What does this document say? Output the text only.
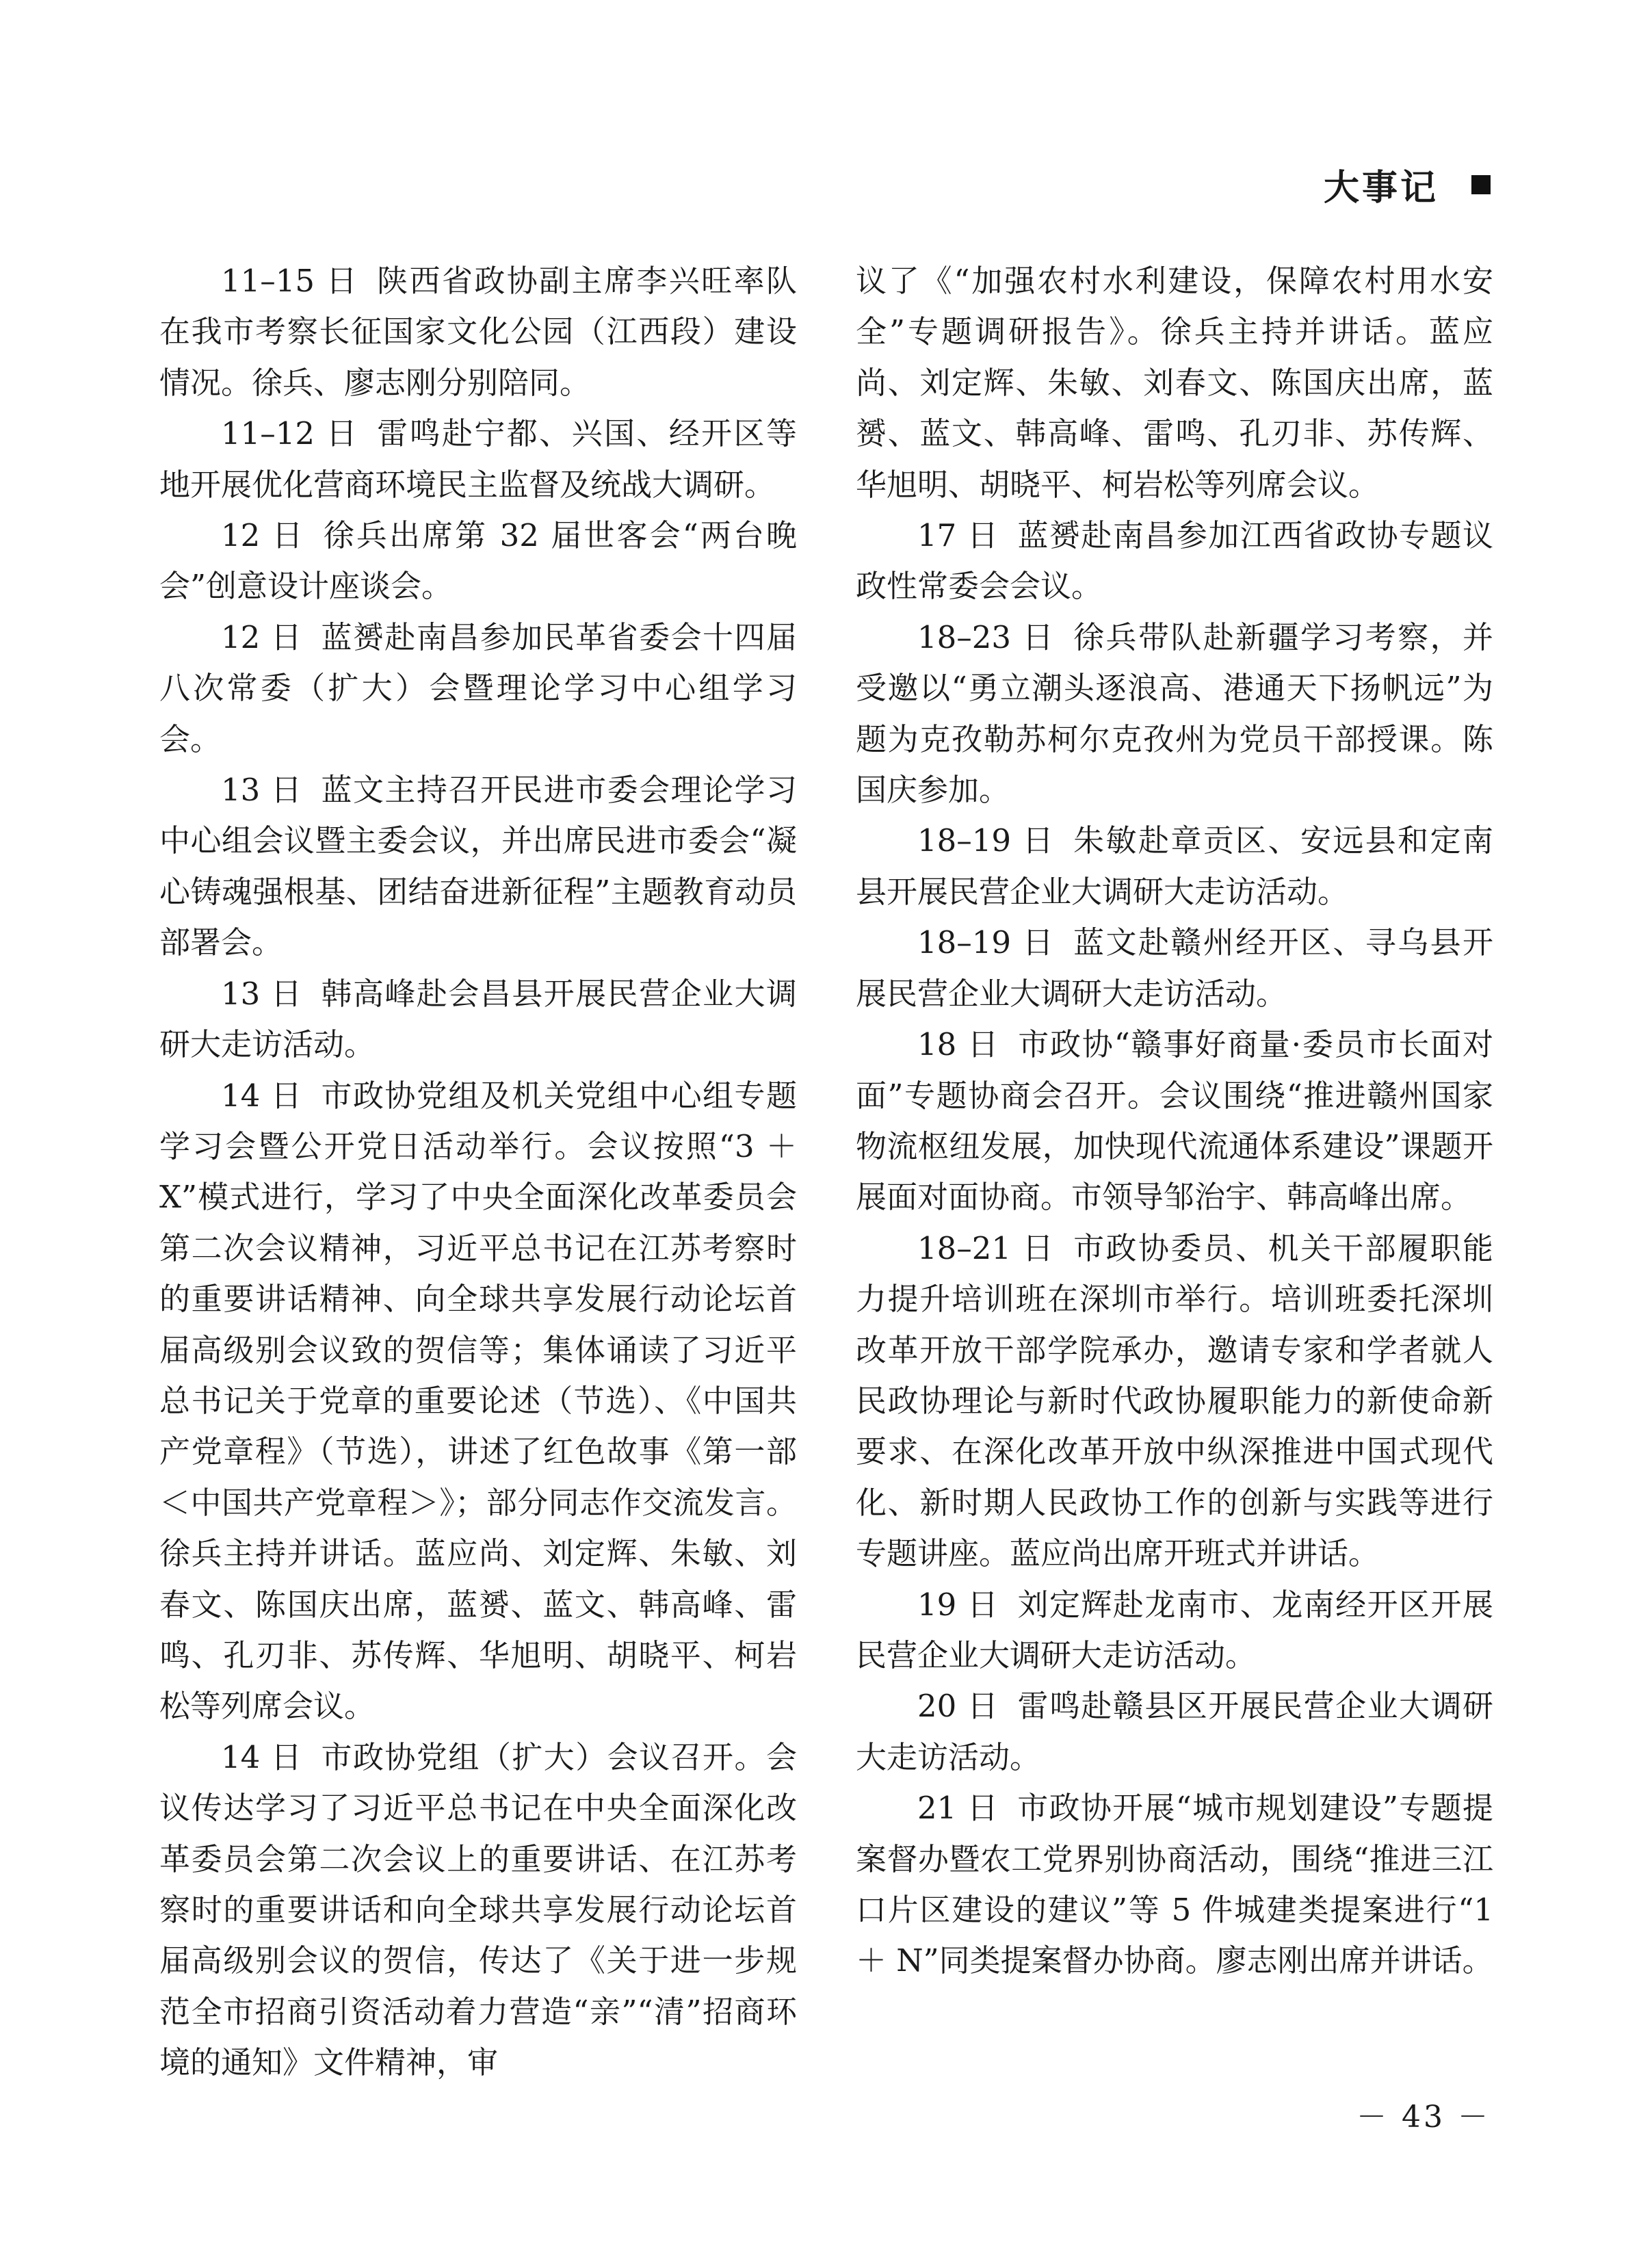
大事记

11–15 日 陕西省政协副主席李兴旺率队在我市考察长征国家文化公园（江西段）建设情况。徐兵、廖志刚分别陪同。

11–12 日 雷鸣赴宁都、兴国、经开区等地开展优化营商环境民主监督及统战大调研。

12 日 徐兵出席第 32 届世客会“两台晚会”创意设计座谈会。

12 日 蓝赟赴南昌参加民革省委会十四届八次常委（扩大）会暨理论学习中心组学习会。

13 日 蓝文主持召开民进市委会理论学习中心组会议暨主委会议，并出席民进市委会“凝心铸魂强根基、团结奋进新征程”主题教育动员部署会。

13 日 韩高峰赴会昌县开展民营企业大调研大走访活动。

14 日 市政协党组及机关党组中心组专题学习会暨公开党日活动举行。会议按照“3 ＋ X”模式进行，学习了中央全面深化改革委员会第二次会议精神，习近平总书记在江苏考察时的重要讲话精神、向全球共享发展行动论坛首届高级别会议致的贺信等；集体诵读了习近平总书记关于党章的重要论述（节选）、《中国共产党章程》（节选），讲述了红色故事《第一部＜中国共产党章程＞》；部分同志作交流发言。徐兵主持并讲话。蓝应尚、刘定辉、朱敏、刘春文、陈国庆出席，蓝赟、蓝文、韩高峰、雷鸣、孔刃非、苏传辉、华旭明、胡晓平、柯岩松等列席会议。

14 日 市政协党组（扩大）会议召开。会议传达学习了习近平总书记在中央全面深化改革委员会第二次会议上的重要讲话、在江苏考察时的重要讲话和向全球共享发展行动论坛首届高级别会议的贺信，传达了《关于进一步规范全市招商引资活动着力营造“亲”“清”招商环境的通知》文件精神，审

议了《“加强农村水利建设，保障农村用水安全”专题调研报告》。徐兵主持并讲话。蓝应尚、刘定辉、朱敏、刘春文、陈国庆出席，蓝赟、蓝文、韩高峰、雷鸣、孔刃非、苏传辉、华旭明、胡晓平、柯岩松等列席会议。

17 日 蓝赟赴南昌参加江西省政协专题议政性常委会会议。

18–23 日 徐兵带队赴新疆学习考察，并受邀以“勇立潮头逐浪高、港通天下扬帆远”为题为克孜勒苏柯尔克孜州为党员干部授课。陈国庆参加。

18–19 日 朱敏赴章贡区、安远县和定南县开展民营企业大调研大走访活动。

18–19 日 蓝文赴赣州经开区、寻乌县开展民营企业大调研大走访活动。

18 日 市政协“赣事好商量·委员市长面对面”专题协商会召开。会议围绕“推进赣州国家物流枢纽发展，加快现代流通体系建设”课题开展面对面协商。市领导邹治宇、韩高峰出席。

18–21 日 市政协委员、机关干部履职能力提升培训班在深圳市举行。培训班委托深圳改革开放干部学院承办，邀请专家和学者就人民政协理论与新时代政协履职能力的新使命新要求、在深化改革开放中纵深推进中国式现代化、新时期人民政协工作的创新与实践等进行专题讲座。蓝应尚出席开班式并讲话。

19 日 刘定辉赴龙南市、龙南经开区开展民营企业大调研大走访活动。

20 日 雷鸣赴赣县区开展民营企业大调研大走访活动。

21 日 市政协开展“城市规划建设”专题提案督办暨农工党界别协商活动，围绕“推进三江口片区建设的建议”等 5 件城建类提案进行“1 ＋ N”同类提案督办协商。廖志刚出席并讲话。

－ 43 －
